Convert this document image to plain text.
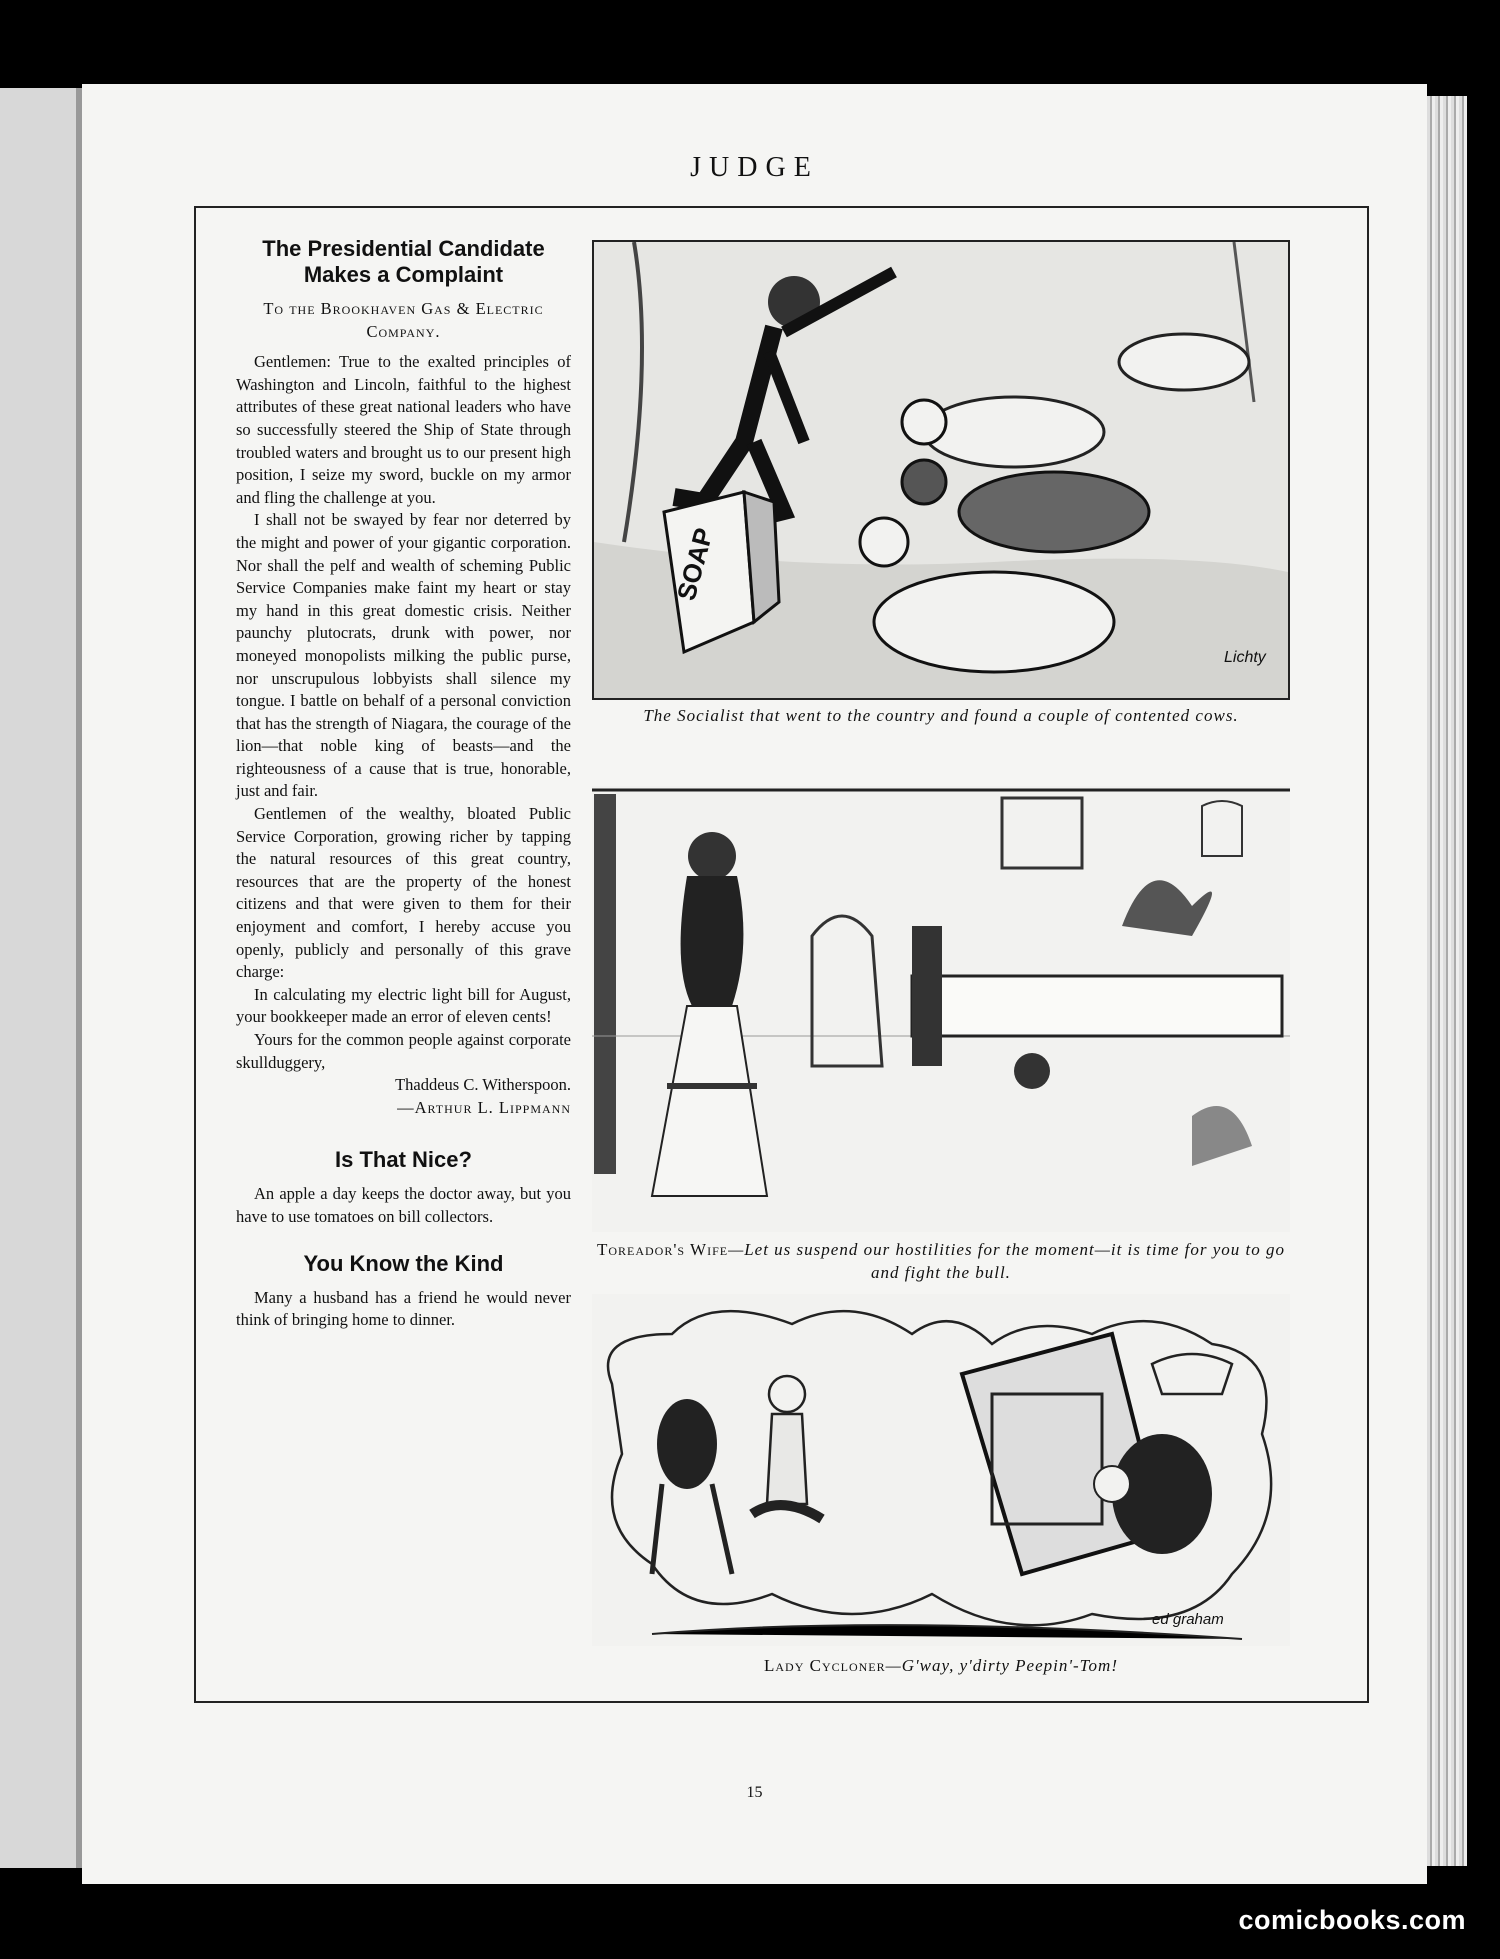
JUDGE
The Presidential Candidate Makes a Complaint

To the Brookhaven Gas & Electric Company.

Gentlemen: True to the exalted principles of Washington and Lincoln, faithful to the highest attributes of these great national leaders who have so successfully steered the Ship of State through troubled waters and brought us to our present high position, I seize my sword, buckle on my armor and fling the challenge at you.

I shall not be swayed by fear nor deterred by the might and power of your gigantic corporation. Nor shall the pelf and wealth of scheming Public Service Companies make faint my heart or stay my hand in this great domestic crisis. Neither paunchy plutocrats, drunk with power, nor moneyed monopolists milking the public purse, nor unscrupulous lobbyists shall silence my tongue. I battle on behalf of a personal conviction that has the strength of Niagara, the courage of the lion—that noble king of beasts—and the righteousness of a cause that is true, honorable, just and fair.

Gentlemen of the wealthy, bloated Public Service Corporation, growing richer by tapping the natural resources of this great country, resources that are the property of the honest citizens and that were given to them for their enjoyment and comfort, I hereby accuse you openly, publicly and personally of this grave charge:

In calculating my electric light bill for August, your bookkeeper made an error of eleven cents!

Yours for the common people against corporate skullduggery,

Thaddeus C. Witherspoon.

—Arthur L. Lippmann

Is That Nice?

An apple a day keeps the doctor away, but you have to use tomatoes on bill collectors.

You Know the Kind

Many a husband has a friend he would never think of bringing home to dinner.

SOAP
Lichty
The Socialist that went to the country and found a couple of contented cows.
Toreador's Wife—Let us suspend our hostilities for the moment—it is time for you to go and fight the bull.
ed graham
Lady Cycloner—G'way, y'dirty Peepin'-Tom!
15
comicbooks.com
